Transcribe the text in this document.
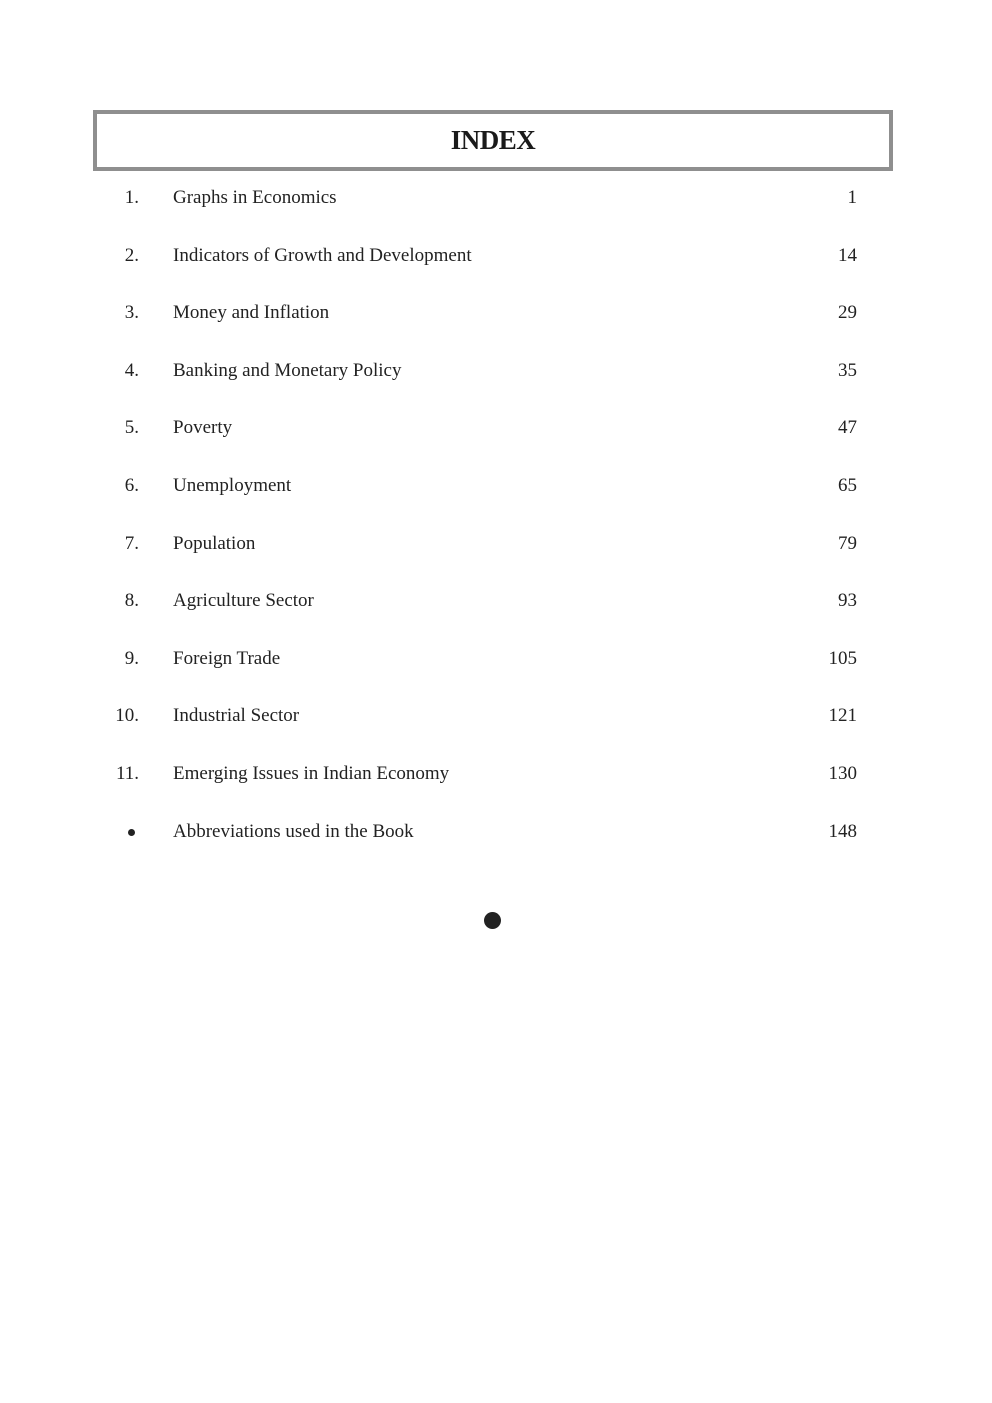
INDEX
1. Graphs in Economics	1
2. Indicators of Growth and Development	14
3. Money and Inflation	29
4. Banking and Monetary Policy	35
5. Poverty	47
6. Unemployment	65
7. Population	79
8. Agriculture Sector	93
9. Foreign Trade	105
10. Industrial Sector	121
11. Emerging Issues in Indian Economy	130
Abbreviations used in the Book	148
